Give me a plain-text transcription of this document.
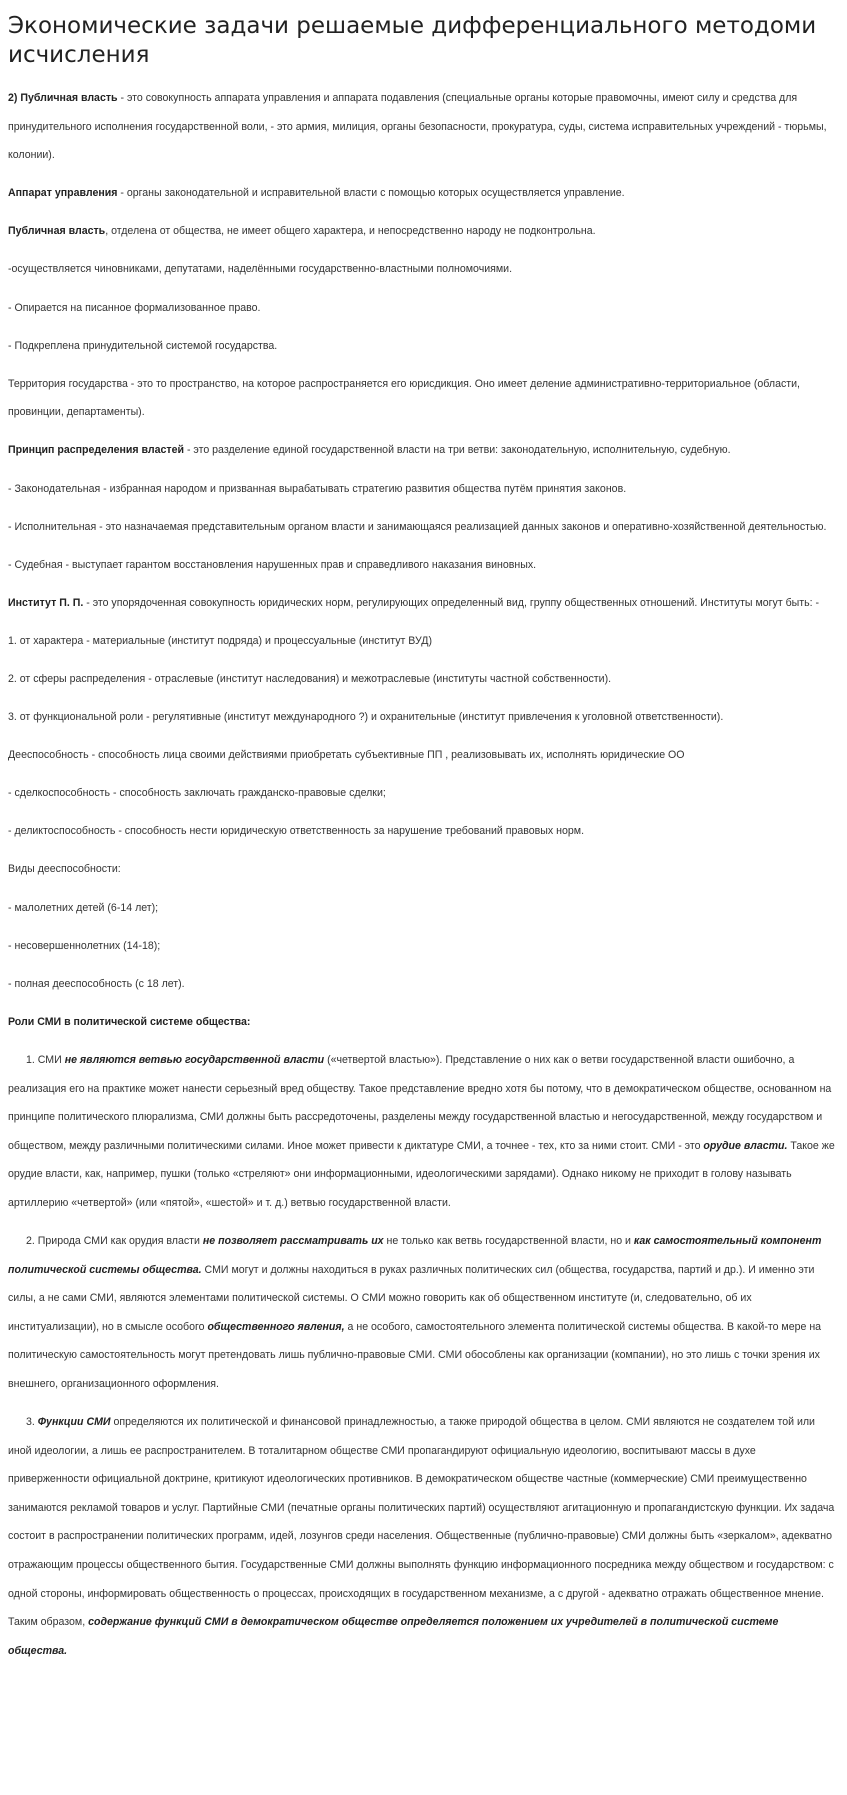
Экономические задачи решаемые дифференциального методоми исчисления

2) Публичная власть - это совокупность аппарата управления и аппарата подавления (специальные органы которые правомочны, имеют силу и средства для принудительного исполнения государственной воли, - это армия, милиция, органы безопасности, прокуратура, суды, система исправительных учреждений - тюрьмы, колонии).

Аппарат управления - органы законодательной и исправительной власти с помощью которых осуществляется управление.

Публичная власть, отделена от общества, не имеет общего характера, и непосредственно народу не подконтрольна.

-осуществляется чиновниками, депутатами, наделёнными государственно-властными полномочиями.

- Опирается на писанное формализованное право.

- Подкреплена принудительной системой государства.

Территория государства - это то пространство, на которое распространяется его юрисдикция. Оно имеет деление административно-территориальное (области, провинции, департаменты).

Принцип распределения властей - это разделение единой государственной власти на три ветви: законодательную, исполнительную, судебную.

- Законодательная - избранная народом и призванная вырабатывать стратегию развития общества путём принятия законов.

- Исполнительная - это назначаемая представительным органом власти и занимающаяся реализацией данных законов и оперативно-хозяйственной деятельностью.

- Судебная - выступает гарантом восстановления нарушенных прав и справедливого наказания виновных.

Институт П. П. - это упорядоченная совокупность юридических норм, регулирующих определенный вид, группу общественных отношений. Институты могут быть: -

1. от характера - материальные (институт подряда) и процессуальные (институт ВУД)

2. от сферы распределения - отраслевые (институт наследования) и межотраслевые (институты частной собственности).

3. от функциональной роли - регулятивные (институт международного ?) и охранительные (институт привлечения к уголовной ответственности).

Дееспособность - способность лица своими действиями приобретать субъективные ПП , реализовывать их, исполнять юридические ОО

- сделкоспособность - способность заключать гражданско-правовые сделки;

- деликтоспособность - способность нести юридическую ответственность за нарушение требований правовых норм.

Виды дееспособности:

- малолетних детей (6-14 лет);

- несовершеннолетних (14-18);

- полная дееспособность (с 18 лет).

Роли СМИ в политической системе общества:

1. СМИ не являются ветвью государственной власти («четвертой властью»). Представление о них как о ветви государственной власти ошибочно, а реализация его на практике может нанести серьезный вред обществу. Такое представление вредно хотя бы потому, что в демократическом обществе, основанном на принципе политического плюрализма, СМИ должны быть рассредоточены, разделены между государственной властью и негосударственной, между государством и обществом, между различными политическими силами. Иное может привести к диктатуре СМИ, а точнее - тех, кто за ними стоит. СМИ - это орудие власти. Такое же орудие власти, как, например, пушки (только «стреляют» они информационными, идеологическими зарядами). Однако никому не приходит в голову называть артиллерию «четвертой» (или «пятой», «шестой» и т. д.) ветвью государственной власти.

2. Природа СМИ как орудия власти не позволяет рассматривать их не только как ветвь государственной власти, но и как самостоятельный компонент политической системы общества. СМИ могут и должны находиться в руках различных политических сил (общества, государства, партий и др.). И именно эти силы, а не сами СМИ, являются элементами политической системы. О СМИ можно говорить как об общественном институте (и, следовательно, об их институализации), но в смысле особого общественного явления, а не особого, самостоятельного элемента политической системы общества. В какой-то мере на политическую самостоятельность могут претендовать лишь публично-правовые СМИ. СМИ обособлены как организации (компании), но это лишь с точки зрения их внешнего, организационного оформления.

3. Функции СМИ определяются их политической и финансовой принадлежностью, а также природой общества в целом. СМИ являются не создателем той или иной идеологии, а лишь ее распространителем. В тоталитарном обществе СМИ пропагандируют официальную идеологию, воспитывают массы в духе приверженности официальной доктрине, критикуют идеологических противников. В демократическом обществе частные (коммерческие) СМИ преимущественно занимаются рекламой товаров и услуг. Партийные СМИ (печатные органы политических партий) осуществляют агитационную и пропагандистскую функции. Их задача состоит в распространении политических программ, идей, лозунгов среди населения. Общественные (публично-правовые) СМИ должны быть «зеркалом», адекватно отражающим процессы общественного бытия. Государственные СМИ должны выполнять функцию информационного посредника между обществом и государством: с одной стороны, информировать общественность о процессах, происходящих в государственном механизме, а с другой - адекватно отражать общественное мнение. Таким образом, содержание функций СМИ в демократическом обществе определяется положением их учредителей в политической системе общества.
